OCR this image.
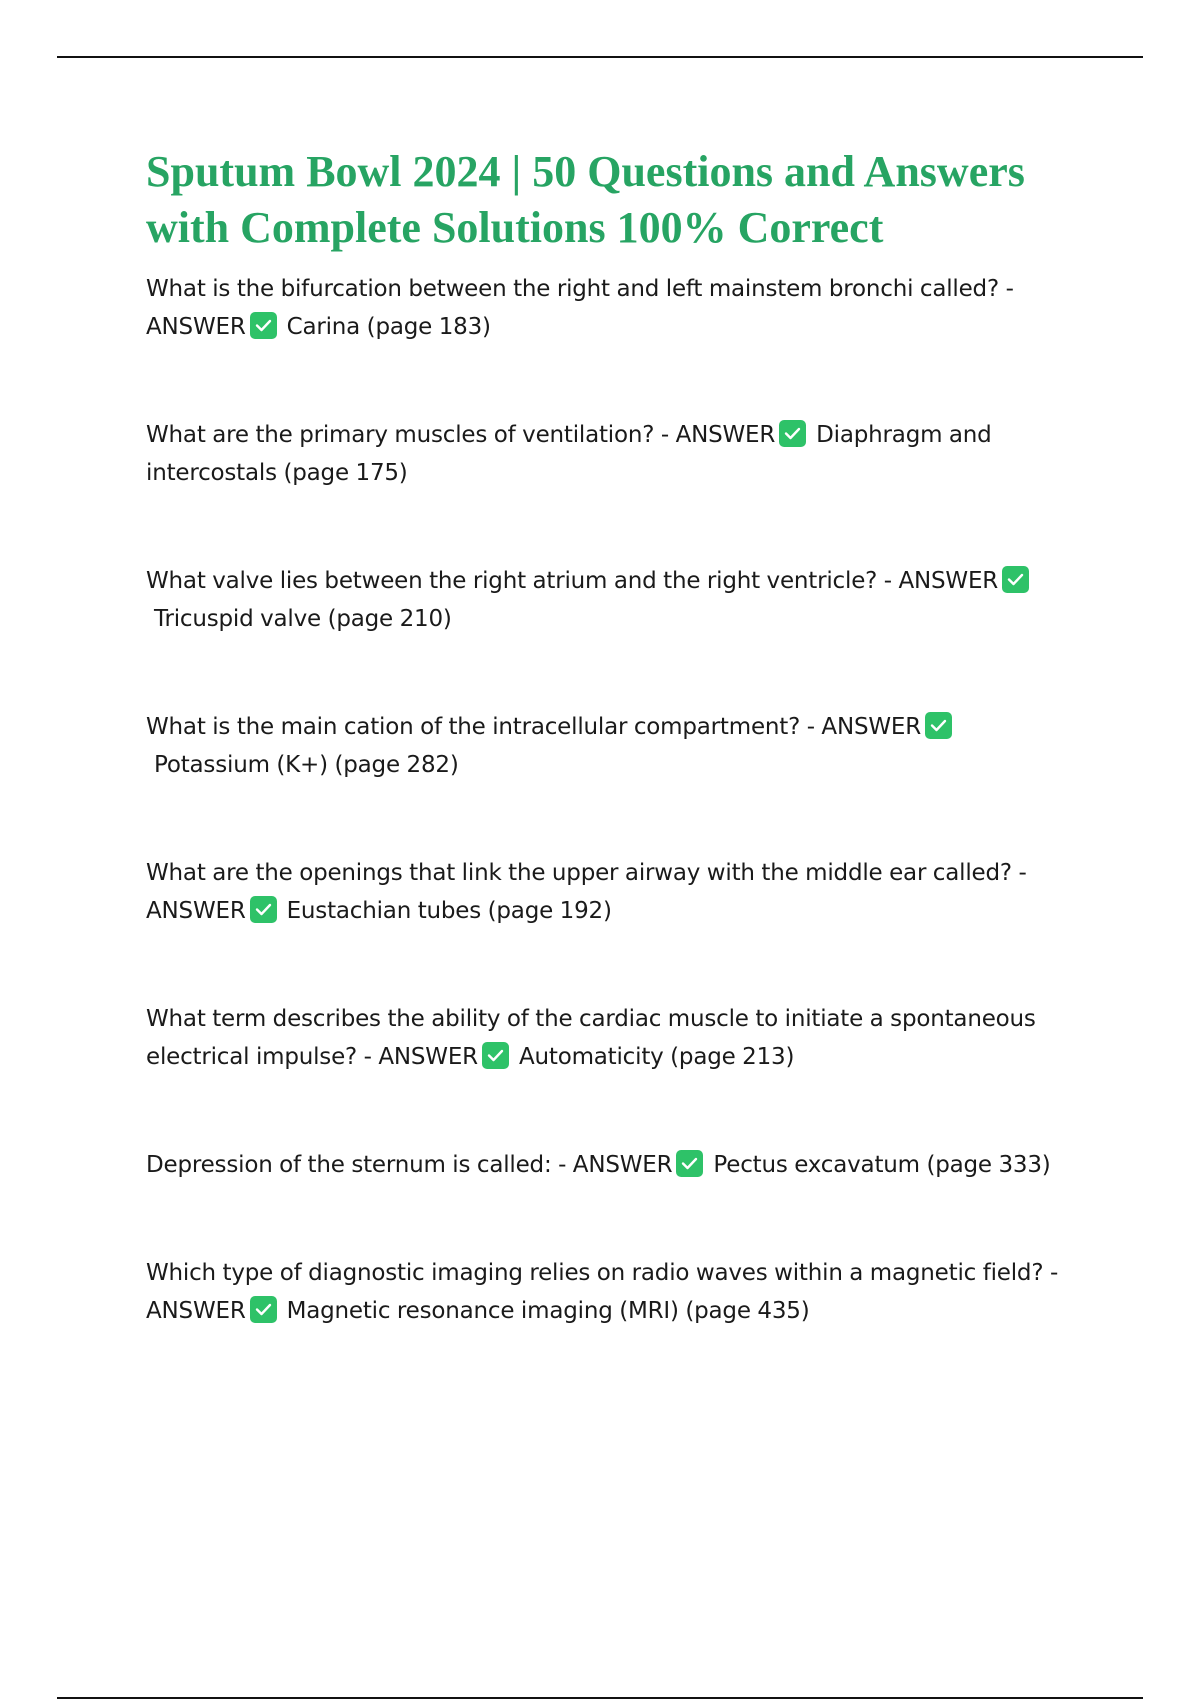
Sputum Bowl 2024 | 50 Questions and Answers with Complete Solutions 100% Correct

What is the bifurcation between the right and left mainstem bronchi called? - ANSWER Carina (page 183)

What are the primary muscles of ventilation? - ANSWER Diaphragm and intercostals (page 175)

What valve lies between the right atrium and the right ventricle? - ANSWER
Tricuspid valve (page 210)

What is the main cation of the intracellular compartment? - ANSWER
Potassium (K+) (page 282)

What are the openings that link the upper airway with the middle ear called? - ANSWER Eustachian tubes (page 192)

What term describes the ability of the cardiac muscle to initiate a spontaneous electrical impulse? - ANSWER Automaticity (page 213)

Depression of the sternum is called: - ANSWER Pectus excavatum (page 333)

Which type of diagnostic imaging relies on radio waves within a magnetic field? - ANSWER Magnetic resonance imaging (MRI) (page 435)
